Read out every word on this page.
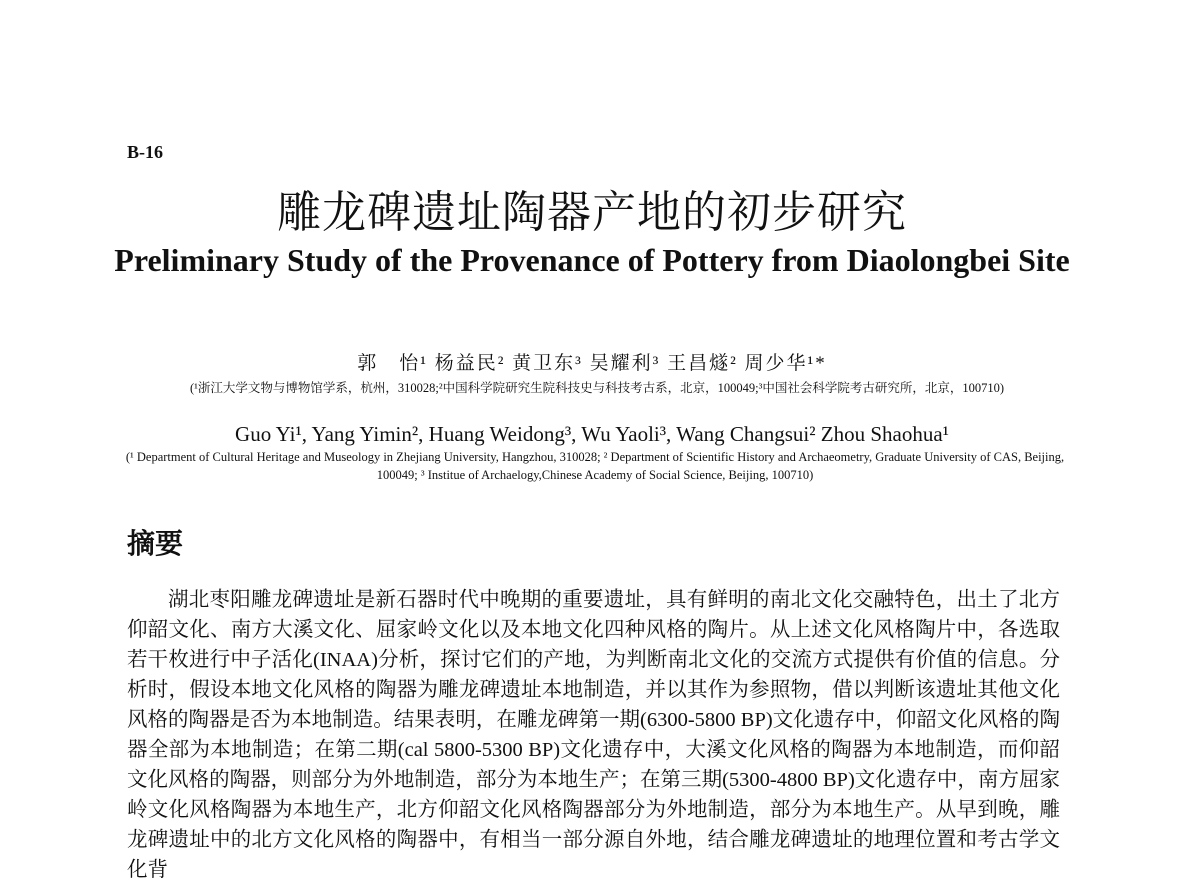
B-16
雕龙碑遗址陶器产地的初步研究
Preliminary Study of the Provenance of Pottery from Diaolongbei Site
郭　怡¹ 杨益民² 黄卫东³ 吴耀利³ 王昌燧² 周少华¹*
(¹浙江大学文物与博物馆学系，杭州，310028;²中国科学院研究生院科技史与科技考古系，北京，100049;³中国社会科学院考古研究所，北京，100710)
Guo Yi¹, Yang Yimin², Huang Weidong³, Wu Yaoli³, Wang Changsui² Zhou Shaohua¹
(¹ Department of Cultural Heritage and Museology in Zhejiang University, Hangzhou, 310028; ² Department of Scientific History and Archaeometry, Graduate University of CAS, Beijing, 100049; ³ Institue of Archaelogy,Chinese Academy of Social Science, Beijing, 100710)
摘要
湖北枣阳雕龙碑遗址是新石器时代中晚期的重要遗址，具有鲜明的南北文化交融特色，出土了北方仰韶文化、南方大溪文化、屈家岭文化以及本地文化四种风格的陶片。从上述文化风格陶片中，各选取若干枚进行中子活化(INAA)分析，探讨它们的产地，为判断南北文化的交流方式提供有价值的信息。分析时，假设本地文化风格的陶器为雕龙碑遗址本地制造，并以其作为参照物，借以判断该遗址其他文化风格的陶器是否为本地制造。结果表明，在雕龙碑第一期(6300-5800 BP)文化遗存中，仰韶文化风格的陶器全部为本地制造；在第二期(cal 5800-5300 BP)文化遗存中，大溪文化风格的陶器为本地制造，而仰韶文化风格的陶器，则部分为外地制造，部分为本地生产；在第三期(5300-4800 BP)文化遗存中，南方屈家岭文化风格陶器为本地生产，北方仰韶文化风格陶器部分为外地制造，部分为本地生产。从早到晚，雕龙碑遗址中的北方文化风格的陶器中，有相当一部分源自外地，结合雕龙碑遗址的地理位置和考古学文化背
